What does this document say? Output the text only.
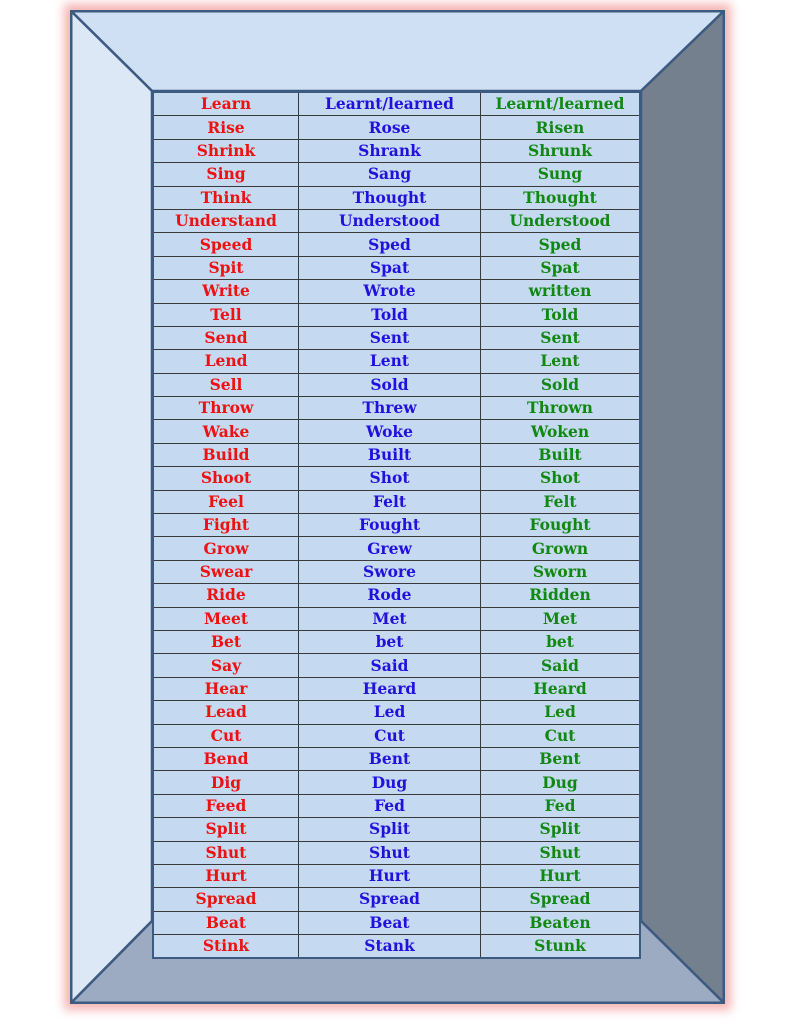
Learn	Learnt/learned	Learnt/learned
Rise	Rose	Risen
Shrink	Shrank	Shrunk
Sing	Sang	Sung
Think	Thought	Thought
Understand	Understood	Understood
Speed	Sped	Sped
Spit	Spat	Spat
Write	Wrote	written
Tell	Told	Told
Send	Sent	Sent
Lend	Lent	Lent
Sell	Sold	Sold
Throw	Threw	Thrown
Wake	Woke	Woken
Build	Built	Built
Shoot	Shot	Shot
Feel	Felt	Felt
Fight	Fought	Fought
Grow	Grew	Grown
Swear	Swore	Sworn
Ride	Rode	Ridden
Meet	Met	Met
Bet	bet	bet
Say	Said	Said
Hear	Heard	Heard
Lead	Led	Led
Cut	Cut	Cut
Bend	Bent	Bent
Dig	Dug	Dug
Feed	Fed	Fed
Split	Split	Split
Shut	Shut	Shut
Hurt	Hurt	Hurt
Spread	Spread	Spread
Beat	Beat	Beaten
Stink	Stank	Stunk
